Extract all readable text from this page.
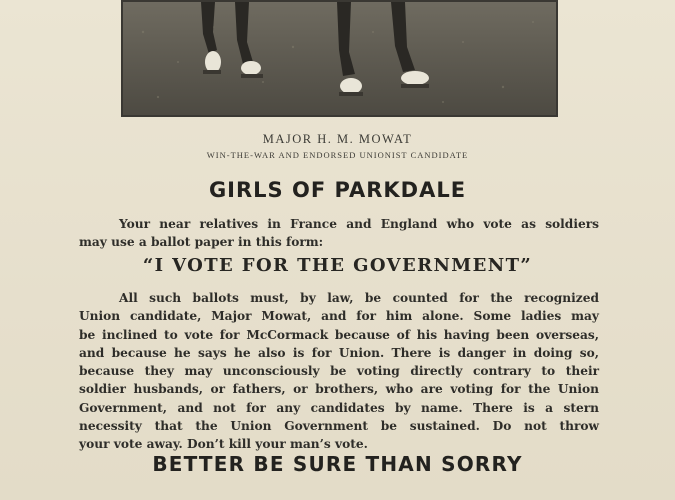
MAJOR H. M. MOWAT
WIN-THE-WAR AND ENDORSED UNIONIST CANDIDATE
GIRLS OF PARKDALE
Your near relatives in France and England who vote as soldiers
may use a ballot paper in this form:
“I VOTE FOR THE GOVERNMENT”
All such ballots must, by law, be counted for the recognized
Union candidate, Major Mowat, and for him alone. Some ladies may
be inclined to vote for McCormack because of his having been overseas,
and because he says he also is for Union. There is danger in doing so,
because they may unconsciously be voting directly contrary to their
soldier husbands, or fathers, or brothers, who are voting for the Union
Government, and not for any candidates by name. There is a stern
necessity that the Union Government be sustained. Do not throw
your vote away. Don’t kill your man’s vote.
BETTER BE SURE THAN SORRY
